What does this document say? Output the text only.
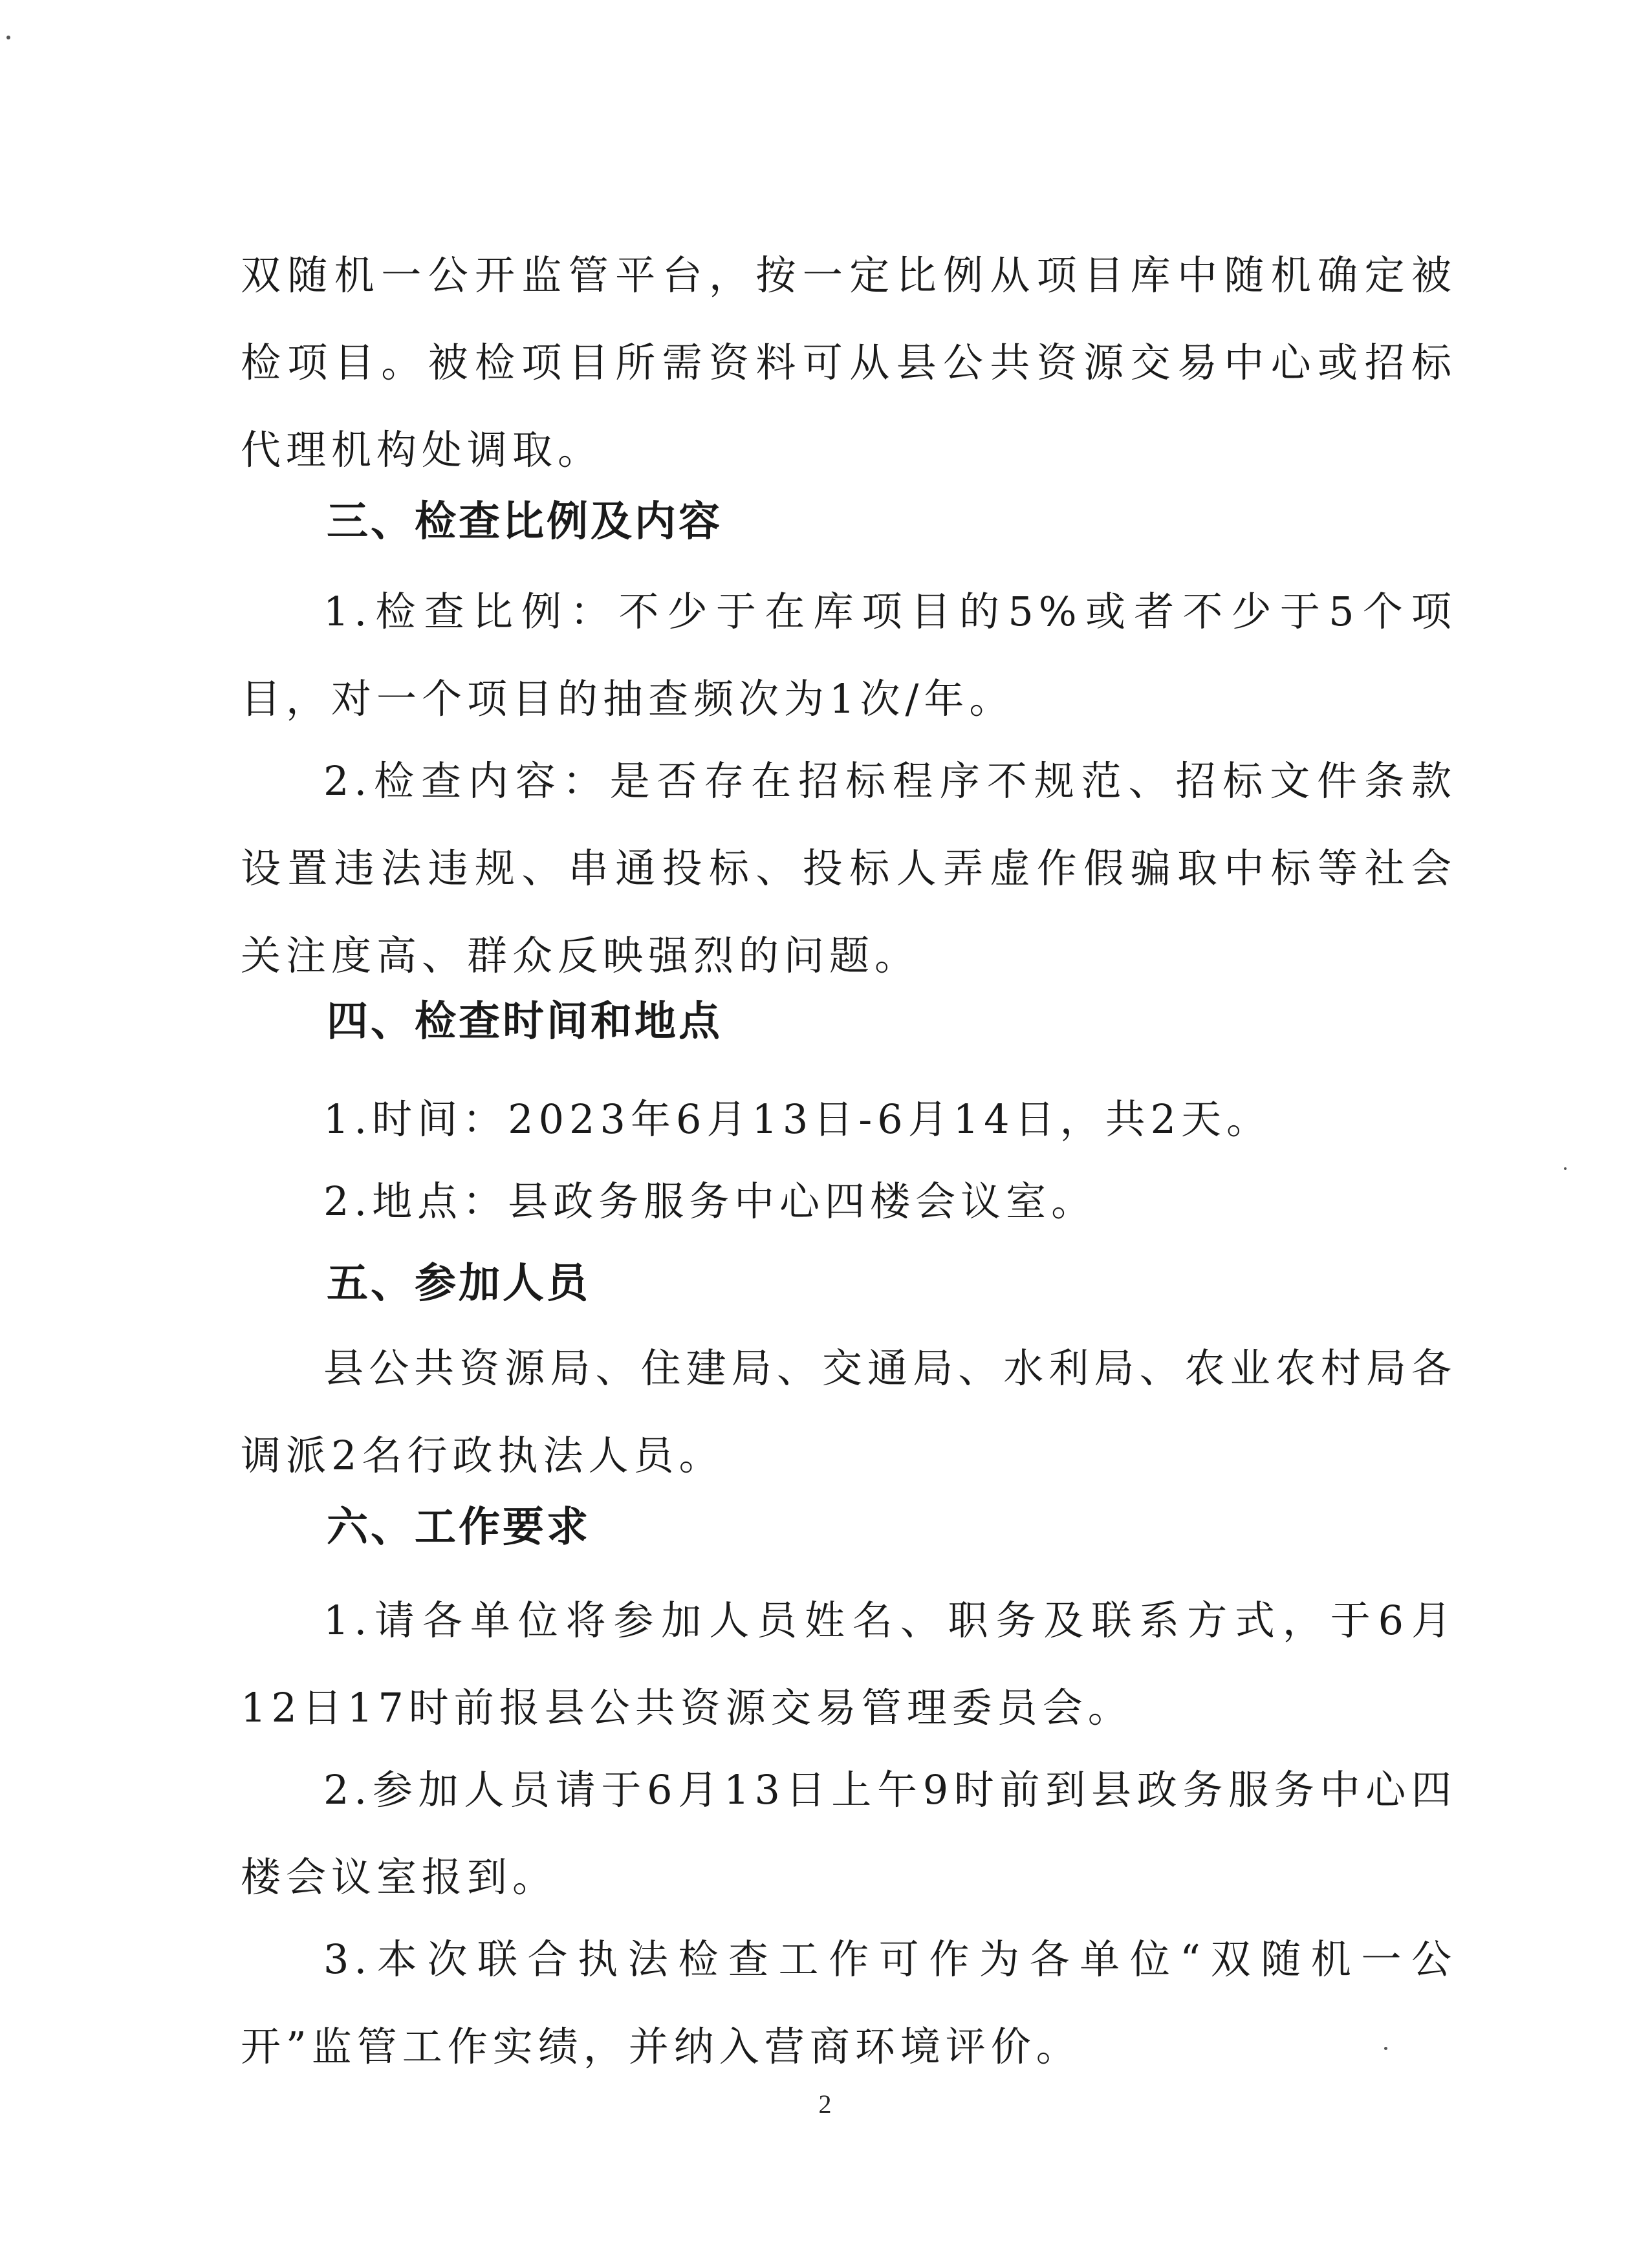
双随机一公开监管平台，按一定比例从项目库中随机确定被检项目。被检项目所需资料可从县公共资源交易中心或招标代理机构处调取。

三、检查比例及内容

1.检查比例：不少于在库项目的5%或者不少于5个项目，对一个项目的抽查频次为1次/年。

2.检查内容：是否存在招标程序不规范、招标文件条款设置违法违规、串通投标、投标人弄虚作假骗取中标等社会关注度高、群众反映强烈的问题。

四、检查时间和地点

1.时间：2023年6月13日-6月14日，共2天。

2.地点：县政务服务中心四楼会议室。

五、参加人员

县公共资源局、住建局、交通局、水利局、农业农村局各调派2名行政执法人员。

六、工作要求

1.请各单位将参加人员姓名、职务及联系方式，于6月12日17时前报县公共资源交易管理委员会。

2.参加人员请于6月13日上午9时前到县政务服务中心四楼会议室报到。

3.本次联合执法检查工作可作为各单位“双随机一公开”监管工作实绩，并纳入营商环境评价。

2
